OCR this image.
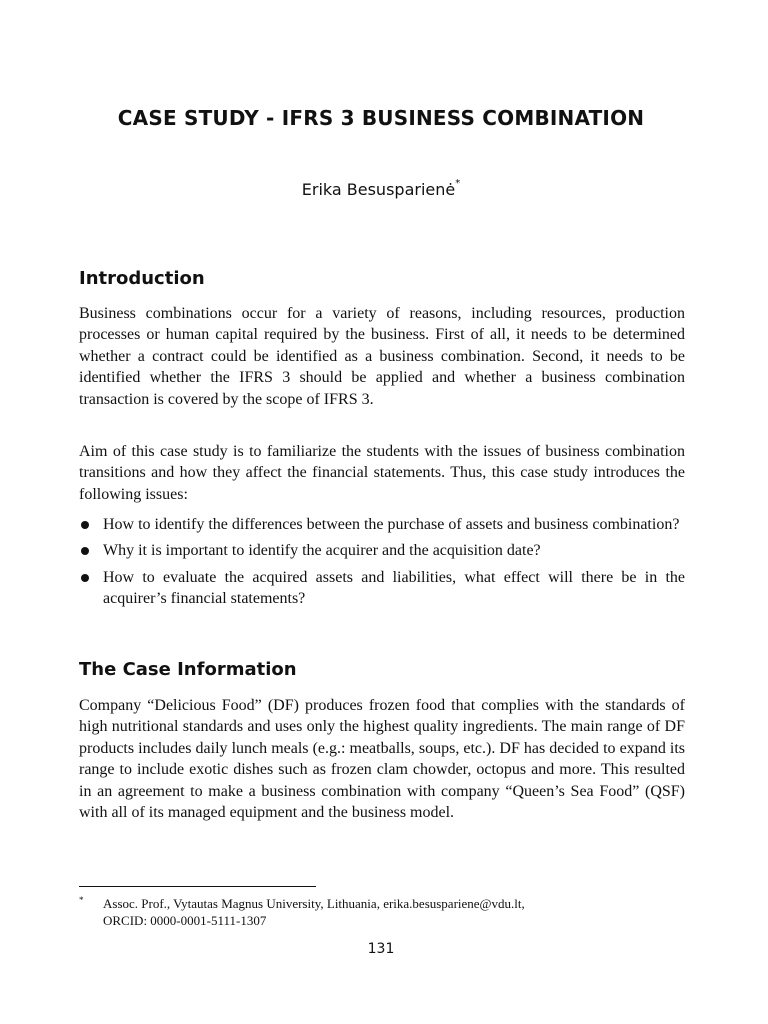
CASE STUDY - IFRS 3 BUSINESS COMBINATION

Erika Besusparienė*

Introduction

Business combinations occur for a variety of reasons, including resources, production processes or human capital required by the business. First of all, it needs to be determined whether a contract could be identified as a business combination. Second, it needs to be identified whether the IFRS 3 should be applied and whether a business combination transaction is covered by the scope of IFRS 3.

Aim of this case study is to familiarize the students with the issues of business combination transitions and how they affect the financial statements. Thus, this case study introduces the following issues:

How to identify the differences between the purchase of assets and business combination?
Why it is important to identify the acquirer and the acquisition date?
How to evaluate the acquired assets and liabilities, what effect will there be in the acquirer’s financial statements?
The Case Information

Company “Delicious Food” (DF) produces frozen food that complies with the standards of high nutritional standards and uses only the highest quality ingredients. The main range of DF products includes daily lunch meals (e.g.: meatballs, soups, etc.). DF has decided to expand its range to include exotic dishes such as frozen clam chowder, octopus and more. This resulted in an agreement to make a business combination with company “Queen’s Sea Food” (QSF) with all of its managed equipment and the business model.

* Assoc. Prof., Vytautas Magnus University, Lithuania, erika.besuspariene@vdu.lt,
ORCID: 0000-0001-5111-1307
131
